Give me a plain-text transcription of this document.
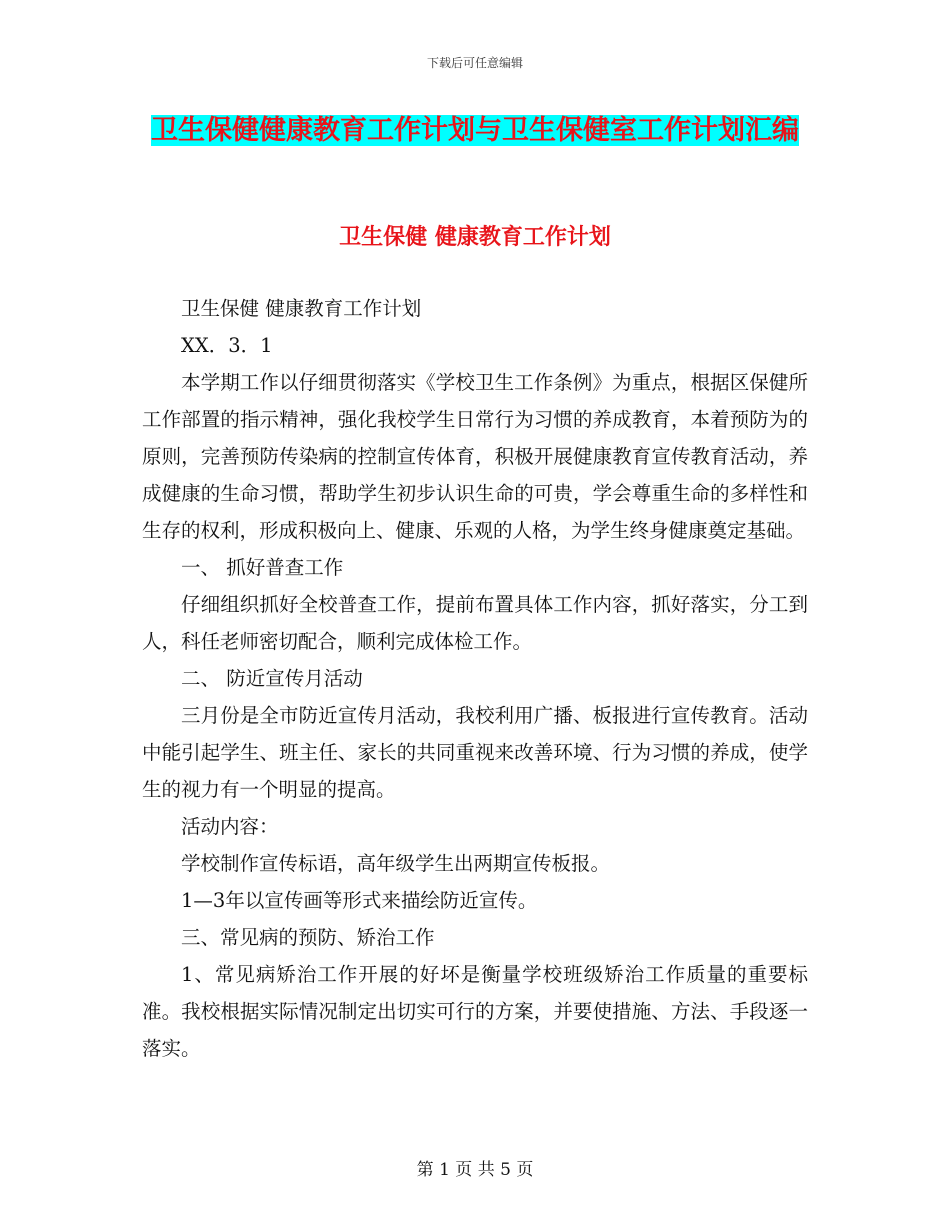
下载后可任意编辑
卫生保健健康教育工作计划与卫生保健室工作计划汇编
卫生保健 健康教育工作计划

卫生保健 健康教育工作计划

XX．3．1

本学期工作以仔细贯彻落实《学校卫生工作条例》为重点，根据区保健所工作部置的指示精神，强化我校学生日常行为习惯的养成教育，本着预防为的原则，完善预防传染病的控制宣传体育，积极开展健康教育宣传教育活动，养成健康的生命习惯，帮助学生初步认识生命的可贵，学会尊重生命的多样性和生存的权利，形成积极向上、健康、乐观的人格，为学生终身健康奠定基础。

一、 抓好普查工作

仔细组织抓好全校普查工作，提前布置具体工作内容，抓好落实，分工到人，科任老师密切配合，顺利完成体检工作。

二、 防近宣传月活动

三月份是全市防近宣传月活动，我校利用广播、板报进行宣传教育。活动中能引起学生、班主任、家长的共同重视来改善环境、行为习惯的养成，使学生的视力有一个明显的提高。

活动内容：

学校制作宣传标语，高年级学生出两期宣传板报。

1—3年以宣传画等形式来描绘防近宣传。

三、常见病的预防、矫治工作

1、常见病矫治工作开展的好坏是衡量学校班级矫治工作质量的重要标准。我校根据实际情况制定出切实可行的方案，并要使措施、方法、手段逐一落实。

第 1 页 共 5 页
